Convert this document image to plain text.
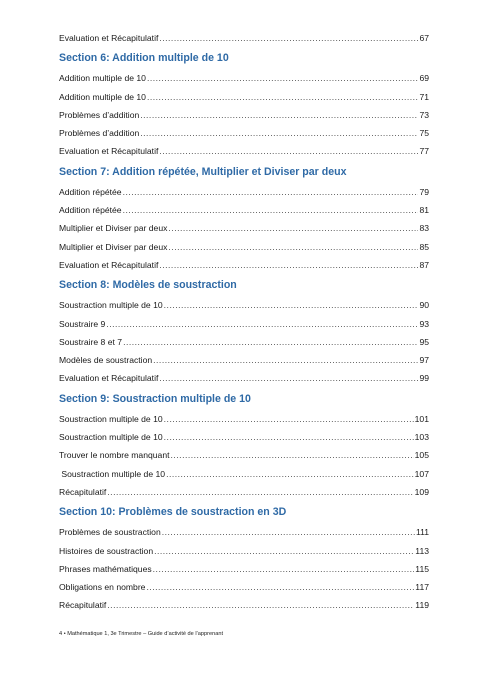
Evaluation et Récapitulatif .....	67
Section 6: Addition multiple de 10
Addition multiple de 10 .....	69
Addition multiple de 10 .....	71
Problèmes d’addition .....	73
Problèmes d’addition .....	75
Evaluation et Récapitulatif .....	77
Section 7: Addition répétée, Multiplier et Diviser par deux
Addition répétée .....	79
Addition répétée .....	81
Multiplier et Diviser par deux .....	83
Multiplier et Diviser par deux .....	85
Evaluation et Récapitulatif .....	87
Section 8: Modèles de soustraction
Soustraction multiple de 10 .....	90
Soustraire 9 .....	93
Soustraire 8 et 7 .....	95
Modèles de soustraction .....	97
Evaluation et Récapitulatif .....	99
Section 9: Soustraction multiple de 10
Soustraction multiple de 10 .....	101
Soustraction multiple de 10 .....	103
Trouver le nombre manquant .....	105
Soustraction multiple de 10 .....	107
Récapitulatif .....	109
Section 10: Problèmes de soustraction en 3D
Problèmes de soustraction .....	111
Histoires de soustraction .....	113
Phrases mathématiques .....	115
Obligations en nombre .....	117
Récapitulatif .....	119
4 • Mathématique 1, 3e Trimestre – Guide d’activité de l’apprenant
